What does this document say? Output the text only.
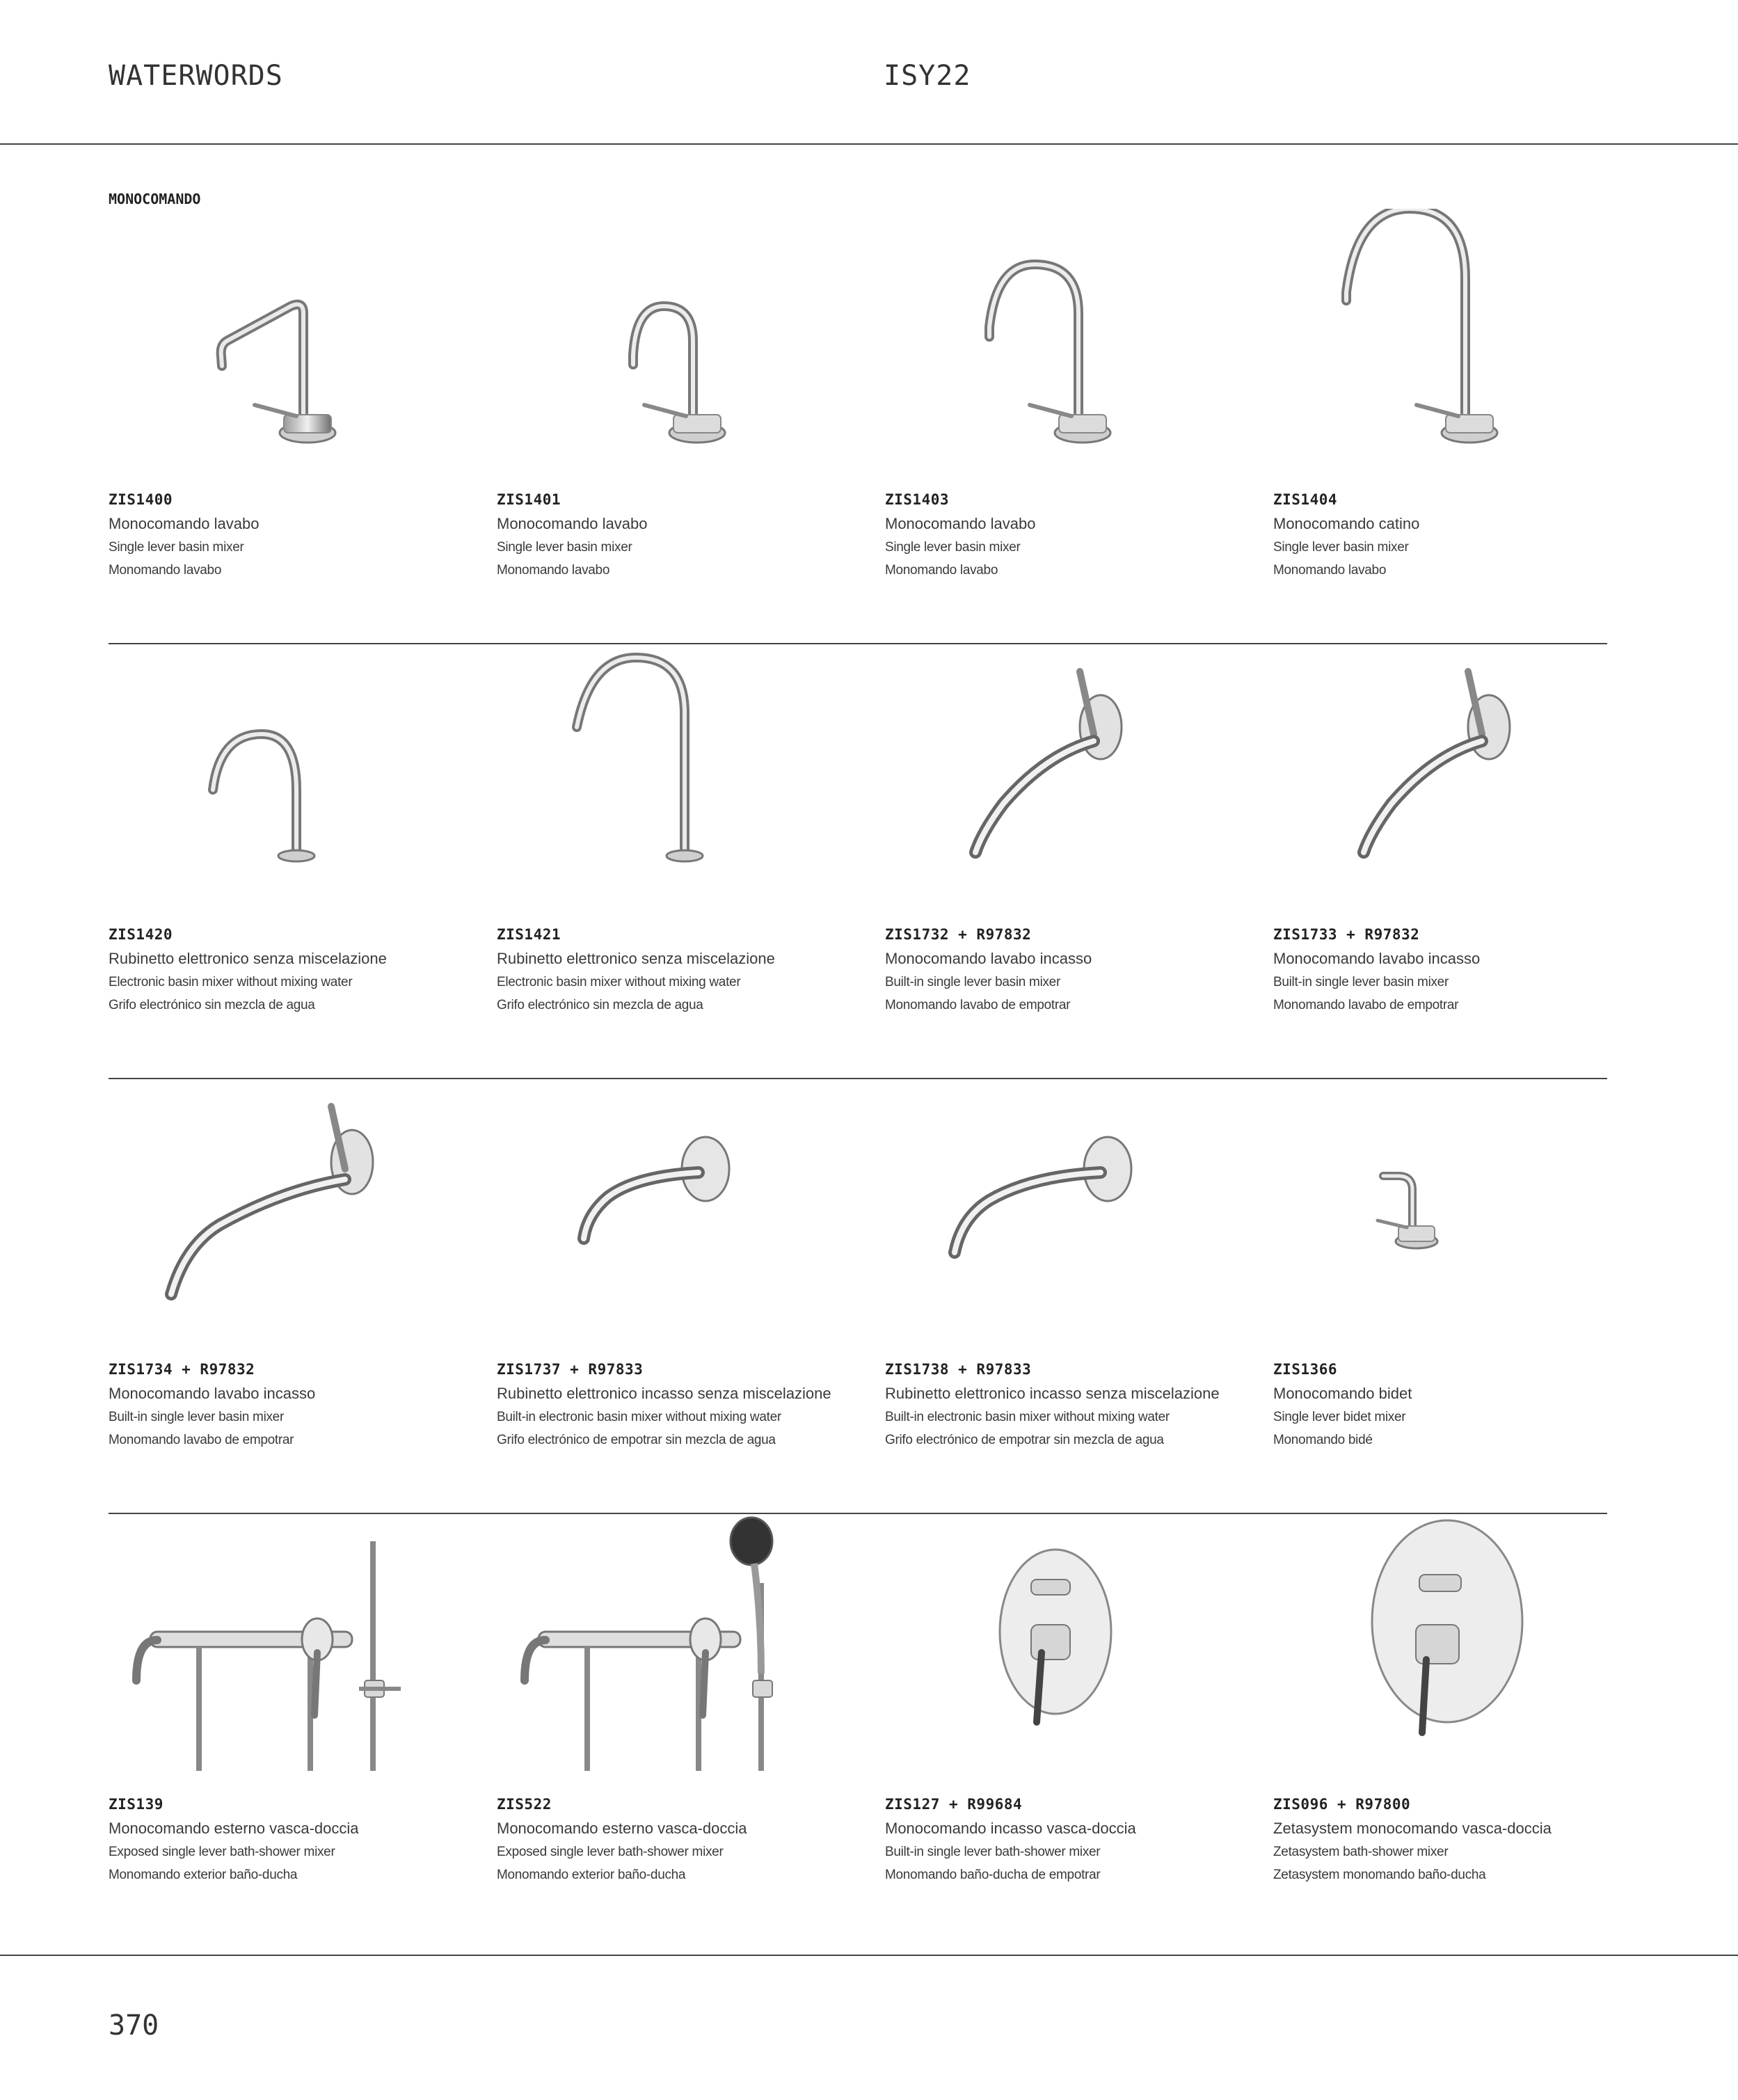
WATERWORDS	ISY22
MONOCOMANDO
ZIS1400
Monocomando lavabo
Single lever basin mixer
Monomando lavabo
ZIS1401
Monocomando lavabo
Single lever basin mixer
Monomando lavabo
ZIS1403
Monocomando lavabo
Single lever basin mixer
Monomando lavabo
ZIS1404
Monocomando catino
Single lever basin mixer
Monomando lavabo
ZIS1420
Rubinetto elettronico senza miscelazione
Electronic basin mixer without mixing water
Grifo electrónico sin mezcla de agua
ZIS1421
Rubinetto elettronico senza miscelazione
Electronic basin mixer without mixing water
Grifo electrónico sin mezcla de agua
ZIS1732 + R97832
Monocomando lavabo incasso
Built-in single lever basin mixer
Monomando lavabo de empotrar
ZIS1733 + R97832
Monocomando lavabo incasso
Built-in single lever basin mixer
Monomando lavabo de empotrar
ZIS1734 + R97832
Monocomando lavabo incasso
Built-in single lever basin mixer
Monomando lavabo de empotrar
ZIS1737 + R97833
Rubinetto elettronico incasso senza miscelazione
Built-in electronic basin mixer without mixing water
Grifo electrónico de empotrar sin mezcla de agua
ZIS1738 + R97833
Rubinetto elettronico incasso senza miscelazione
Built-in electronic basin mixer without mixing water
Grifo electrónico de empotrar sin mezcla de agua
ZIS1366
Monocomando bidet
Single lever bidet mixer
Monomando bidé
ZIS139
Monocomando esterno vasca-doccia
Exposed single lever bath-shower mixer
Monomando exterior baño-ducha
ZIS522
Monocomando esterno vasca-doccia
Exposed single lever bath-shower mixer
Monomando exterior baño-ducha
ZIS127 + R99684
Monocomando incasso vasca-doccia
Built-in single lever bath-shower mixer
Monomando baño-ducha de empotrar
ZIS096 + R97800
Zetasystem monocomando vasca-doccia
Zetasystem bath-shower mixer
Zetasystem monomando baño-ducha
370
